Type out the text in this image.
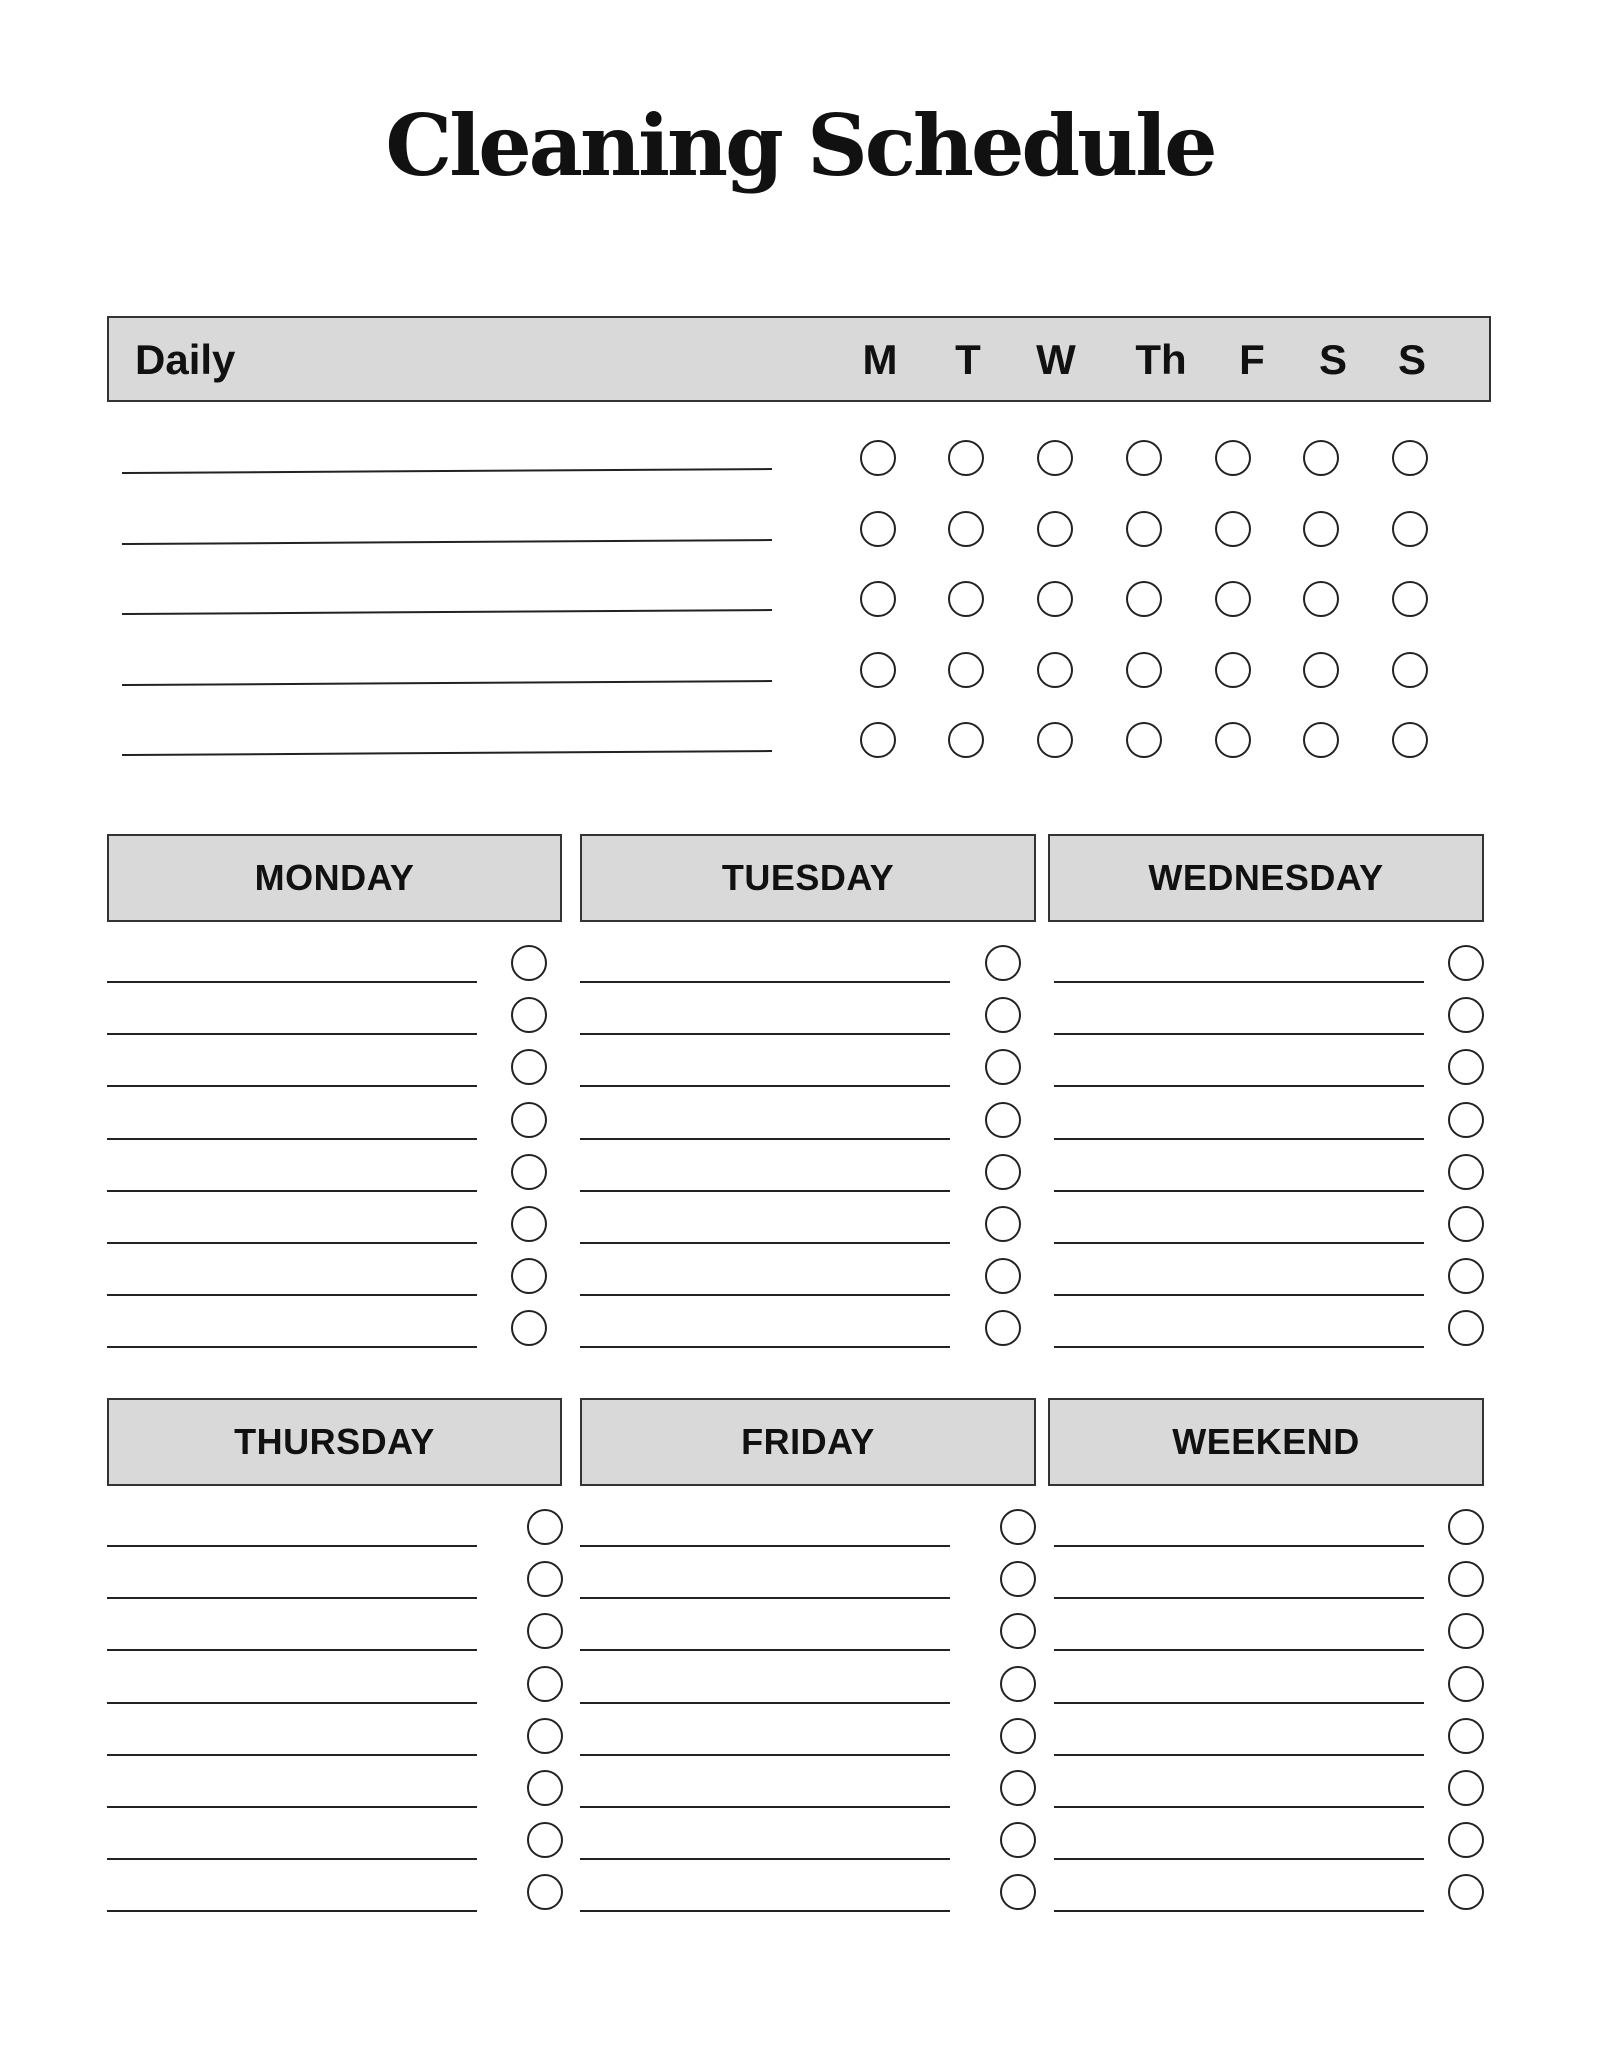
Cleaning Schedule
Daily	M	T	W Th	F	S	S
MONDAY	TUESDAY	WEDNESDAY
THURSDAY	FRIDAY	WEEKEND
